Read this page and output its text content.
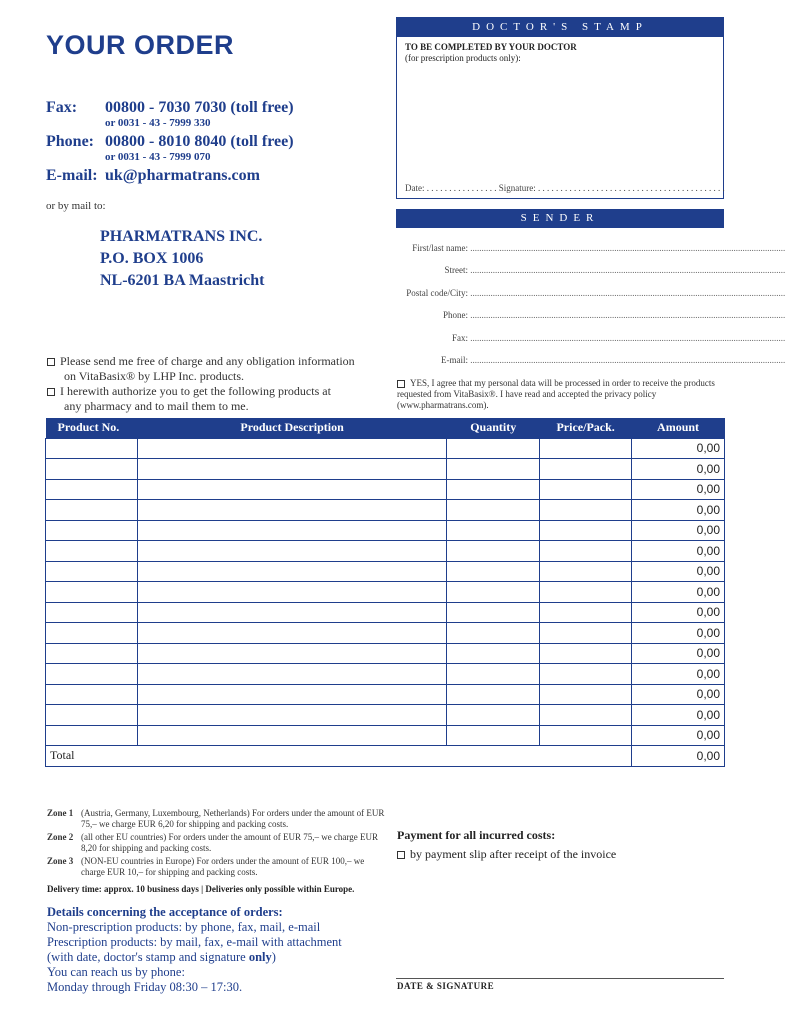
YOUR ORDER
Fax: 00800 - 7030 7030 (toll free)
or 0031 - 43 - 7999 330
Phone: 00800 - 8010 8040 (toll free)
or 0031 - 43 - 7999 070
E-mail: uk@pharmatrans.com
or by mail to:
PHARMATRANS INC.
P.O. BOX 1006
NL-6201 BA Maastricht
Please send me free of charge and any obligation information
on VitaBasix® by LHP Inc. products.
I herewith authorize you to get the following products at
any pharmacy and to mail them to me.
DOCTOR'S STAMP
TO BE COMPLETED BY YOUR DOCTOR
(for prescription products only):
Date: . . . . . . . . . . . . . . . . Signature: . . . . . . . . . . . . . . . . . . . . . . . . . . . . . . . . . . . . . . . . . .
SENDER
First/last name: ............................................................................................................................................
Street: ............................................................................................................................................
Postal code/City: ............................................................................................................................................
Phone: ............................................................................................................................................
Fax: ............................................................................................................................................
E-mail: ............................................................................................................................................
YES, I agree that my personal data will be processed in order to receive the products requested from VitaBasix®. I have read and accepted the privacy policy (www.pharmatrans.com).
Product No.	Product Description	Quantity	Price/Pack.	Amount
				0,00
				0,00
				0,00
				0,00
				0,00
				0,00
				0,00
				0,00
				0,00
				0,00
				0,00
				0,00
				0,00
				0,00
				0,00
Total				0,00
Zone 1 (Austria, Germany, Luxembourg, Netherlands) For orders under the amount of EUR 75,– we charge EUR 6,20 for shipping and packing costs.
Zone 2 (all other EU countries) For orders under the amount of EUR 75,– we charge EUR 8,20 for shipping and packing costs.
Zone 3 (NON-EU countries in Europe) For orders under the amount of EUR 100,– we charge EUR 10,– for shipping and packing costs.
Delivery time: approx. 10 business days | Deliveries only possible within Europe.
Payment for all incurred costs:
by payment slip after receipt of the invoice
Details concerning the acceptance of orders:
Non-prescription products: by phone, fax, mail, e-mail
Prescription products: by mail, fax, e-mail with attachment
(with date, doctor's stamp and signature only)
You can reach us by phone:
Monday through Friday 08:30 – 17:30.	DATE & SIGNATURE
